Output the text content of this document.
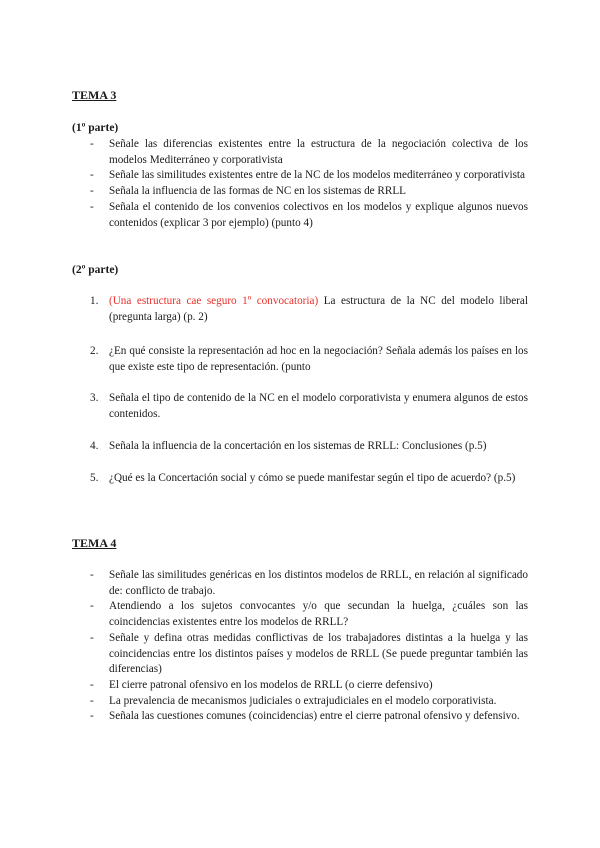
TEMA 3
(1º parte)
- Señale las diferencias existentes entre la estructura de la negociación colectiva de los modelos Mediterráneo y corporativista
- Señale las similitudes existentes entre de la NC de los modelos mediterráneo y corporativista
- Señala la influencia de las formas de NC en los sistemas de RRLL
- Señala el contenido de los convenios colectivos en los modelos y explique algunos nuevos contenidos (explicar 3 por ejemplo) (punto 4)
(2º parte)
1. (Una estructura cae seguro 1º convocatoria) La estructura de la NC del modelo liberal (pregunta larga) (p. 2)
2. ¿En qué consiste la representación ad hoc en la negociación? Señala además los países en los que existe este tipo de representación. (punto
3. Señala el tipo de contenido de la NC en el modelo corporativista y enumera algunos de estos contenidos.
4. Señala la influencia de la concertación en los sistemas de RRLL: Conclusiones (p.5)
5. ¿Qué es la Concertación social y cómo se puede manifestar según el tipo de acuerdo? (p.5)
TEMA 4
- Señale las similitudes genéricas en los distintos modelos de RRLL, en relación al significado de: conflicto de trabajo.
- Atendiendo a los sujetos convocantes y/o que secundan la huelga, ¿cuáles son las coincidencias existentes entre los modelos de RRLL?
- Señale y defina otras medidas conflictivas de los trabajadores distintas a la huelga y las coincidencias entre los distintos países y modelos de RRLL (Se puede preguntar también las diferencias)
- El cierre patronal ofensivo en los modelos de RRLL (o cierre defensivo)
- La prevalencia de mecanismos judiciales o extrajudiciales en el modelo corporativista.
- Señala las cuestiones comunes (coincidencias) entre el cierre patronal ofensivo y defensivo.
